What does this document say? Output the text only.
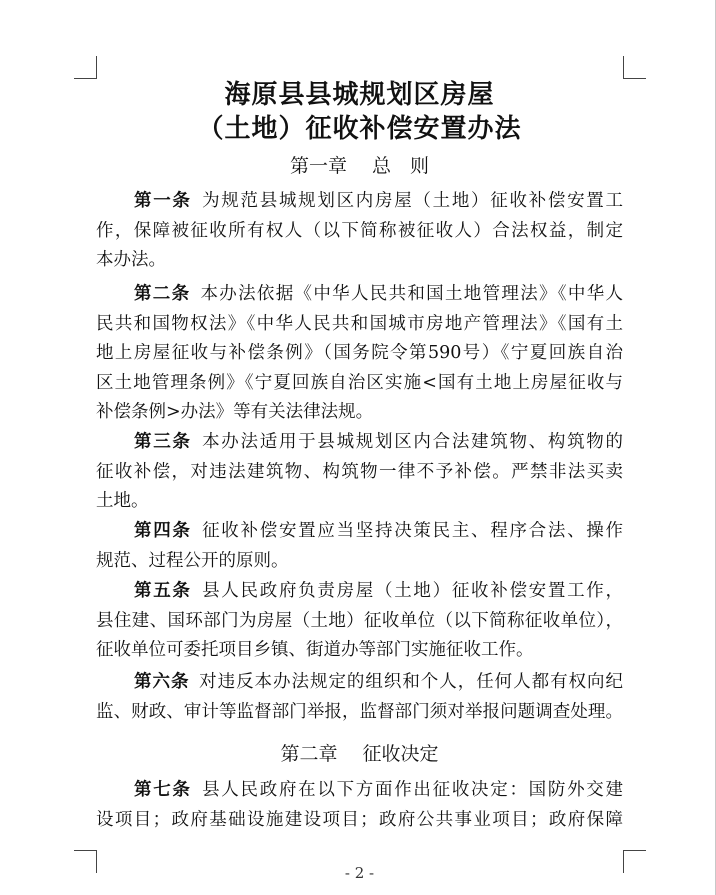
海原县县城规划区房屋
（土地）征收补偿安置办法
第一章　 总　则
第一条  为规范县城规划区内房屋（土地）征收补偿安置工
作，保障被征收所有权人（以下简称被征收人）合法权益，制定
本办法。
第二条  本办法依据《中华人民共和国土地管理法》《中华人
民共和国物权法》《中华人民共和国城市房地产管理法》《国有土
地上房屋征收与补偿条例》（国务院令第590号）《宁夏回族自治
区土地管理条例》《宁夏回族自治区实施<国有土地上房屋征收与
补偿条例>办法》等有关法律法规。
第三条  本办法适用于县城规划区内合法建筑物、构筑物的
征收补偿，对违法建筑物、构筑物一律不予补偿。严禁非法买卖
土地。
第四条  征收补偿安置应当坚持决策民主、程序合法、操作
规范、过程公开的原则。
第五条  县人民政府负责房屋（土地）征收补偿安置工作，
县住建、国环部门为房屋（土地）征收单位（以下简称征收单位），
征收单位可委托项目乡镇、街道办等部门实施征收工作。
第六条  对违反本办法规定的组织和个人，任何人都有权向纪
监、财政、审计等监督部门举报，监督部门须对举报问题调查处理。
第二章　 征收决定
第七条  县人民政府在以下方面作出征收决定：国防外交建
设项目；政府基础设施建设项目；政府公共事业项目；政府保障
- 2 -
